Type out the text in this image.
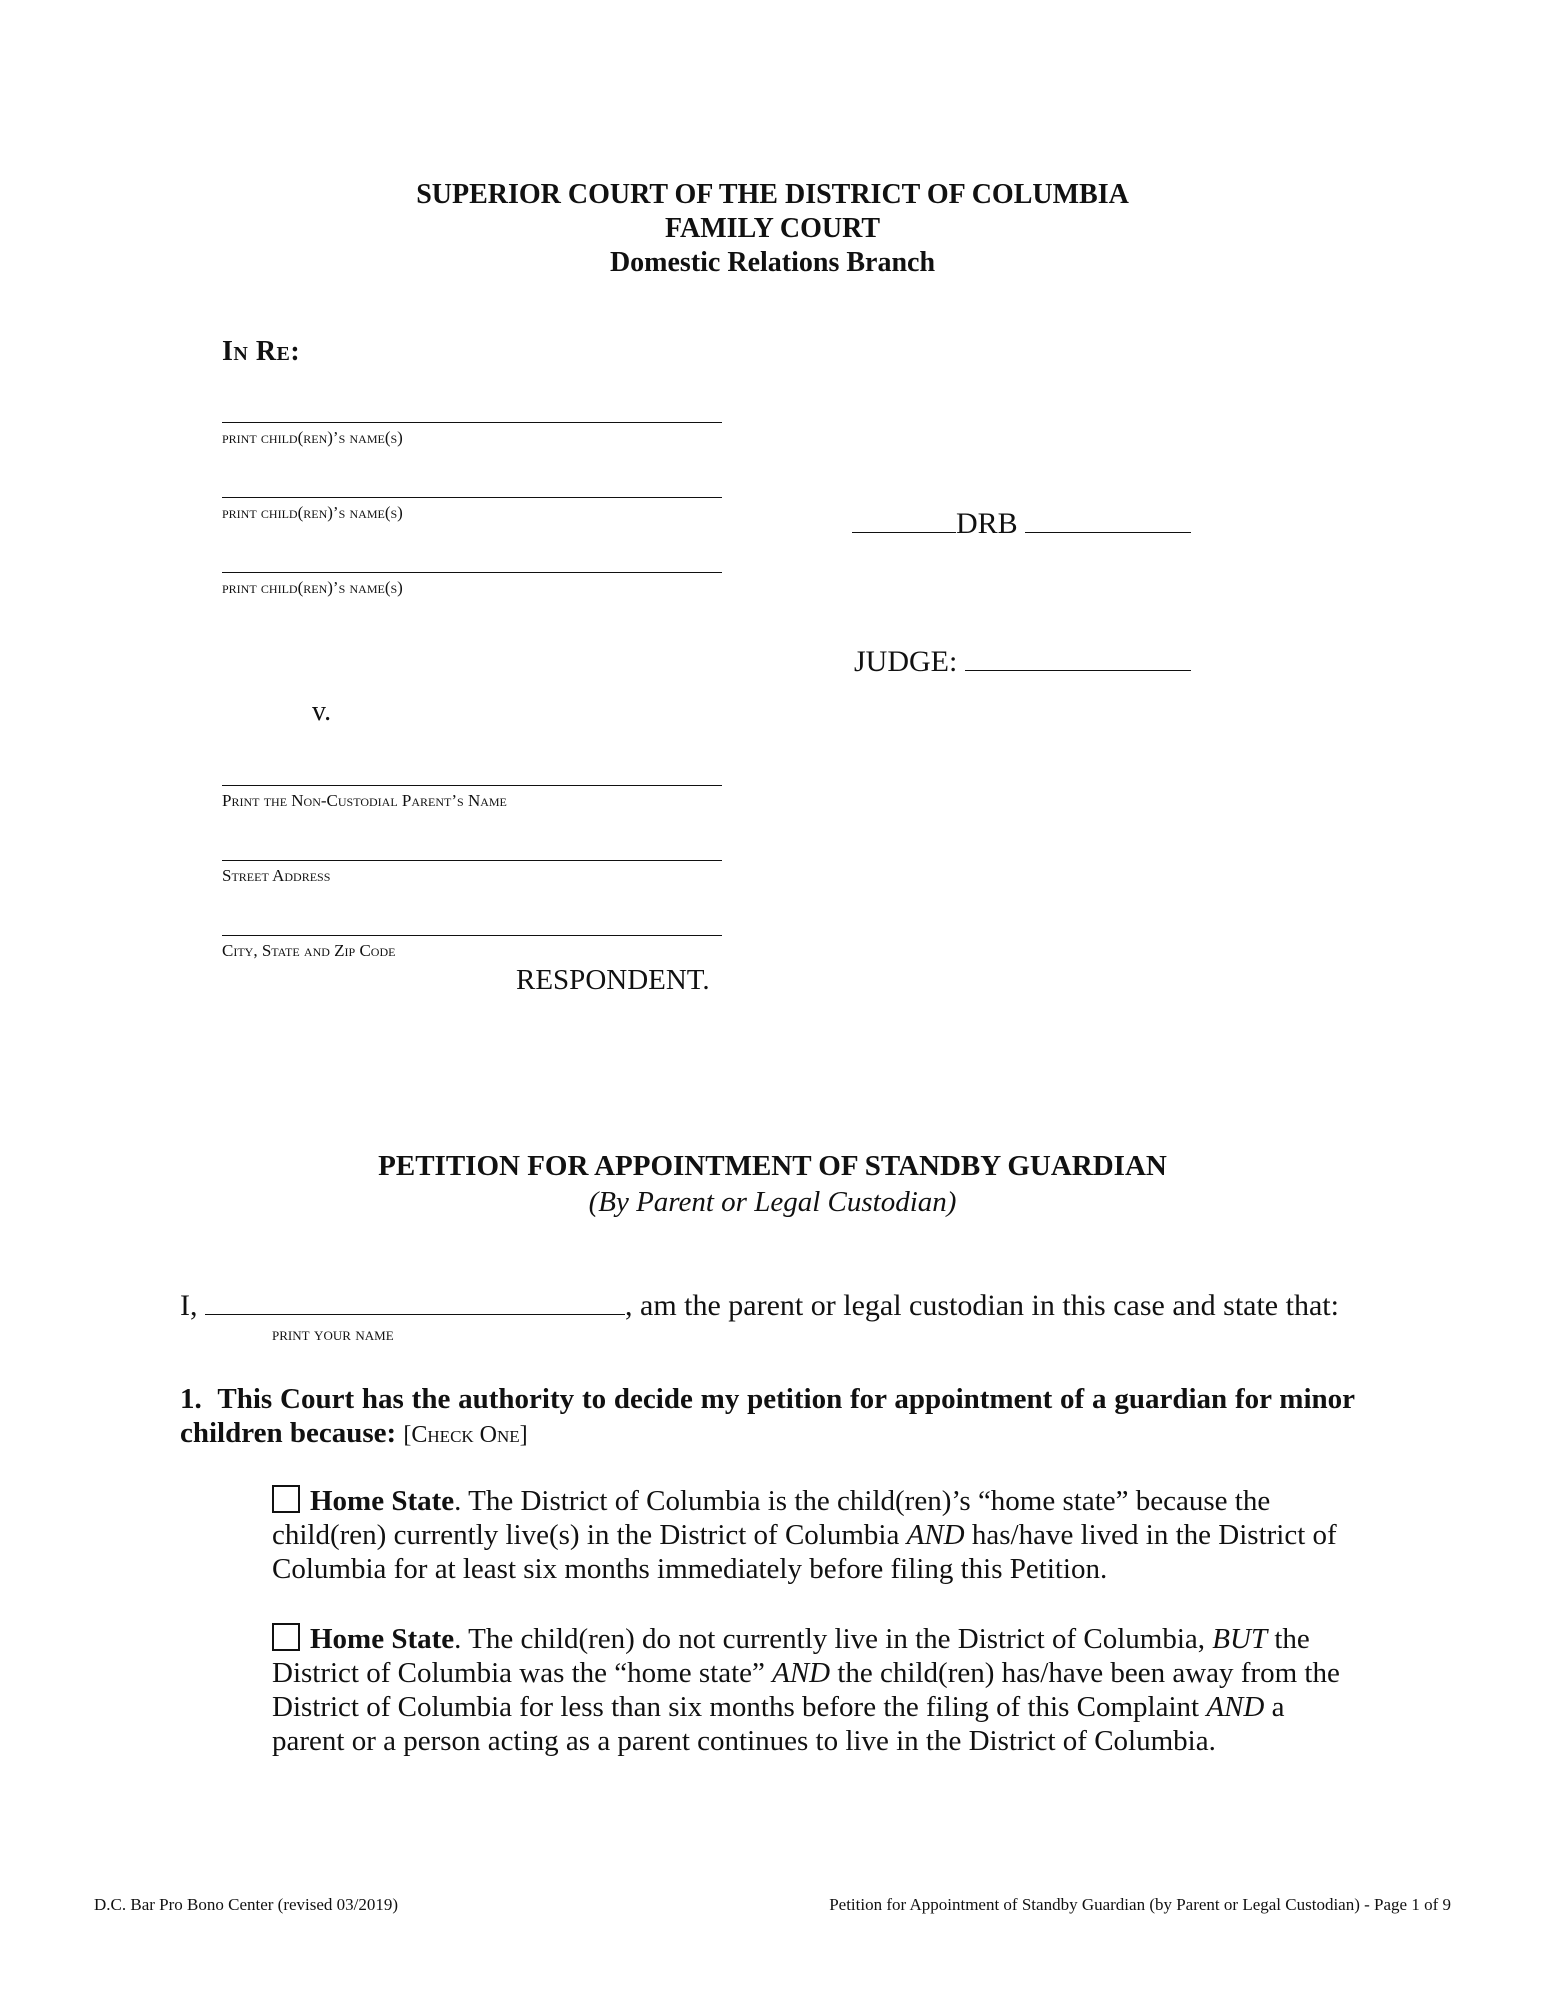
SUPERIOR COURT OF THE DISTRICT OF COLUMBIA
FAMILY COURT
Domestic Relations Branch
In Re:
print child(ren)’s name(s)
print child(ren)’s name(s)
print child(ren)’s name(s)
DRB
JUDGE:
v.
Print the Non-Custodial Parent’s Name
Street Address
City, State and Zip Code
RESPONDENT.
PETITION FOR APPOINTMENT OF STANDBY GUARDIAN
(By Parent or Legal Custodian)
I,	, am the parent or legal custodian in this case and state that:
print your name
1. This Court has the authority to decide my petition for appointment of a guardian for minor children because: [Check One]
Home State. The District of Columbia is the child(ren)’s “home state” because the child(ren) currently live(s) in the District of Columbia AND has/have lived in the District of Columbia for at least six months immediately before filing this Petition.
Home State. The child(ren) do not currently live in the District of Columbia, BUT the District of Columbia was the “home state” AND the child(ren) has/have been away from the District of Columbia for less than six months before the filing of this Complaint AND a parent or a person acting as a parent continues to live in the District of Columbia.
D.C. Bar Pro Bono Center (revised 03/2019)	Petition for Appointment of Standby Guardian (by Parent or Legal Custodian) - Page 1 of 9
